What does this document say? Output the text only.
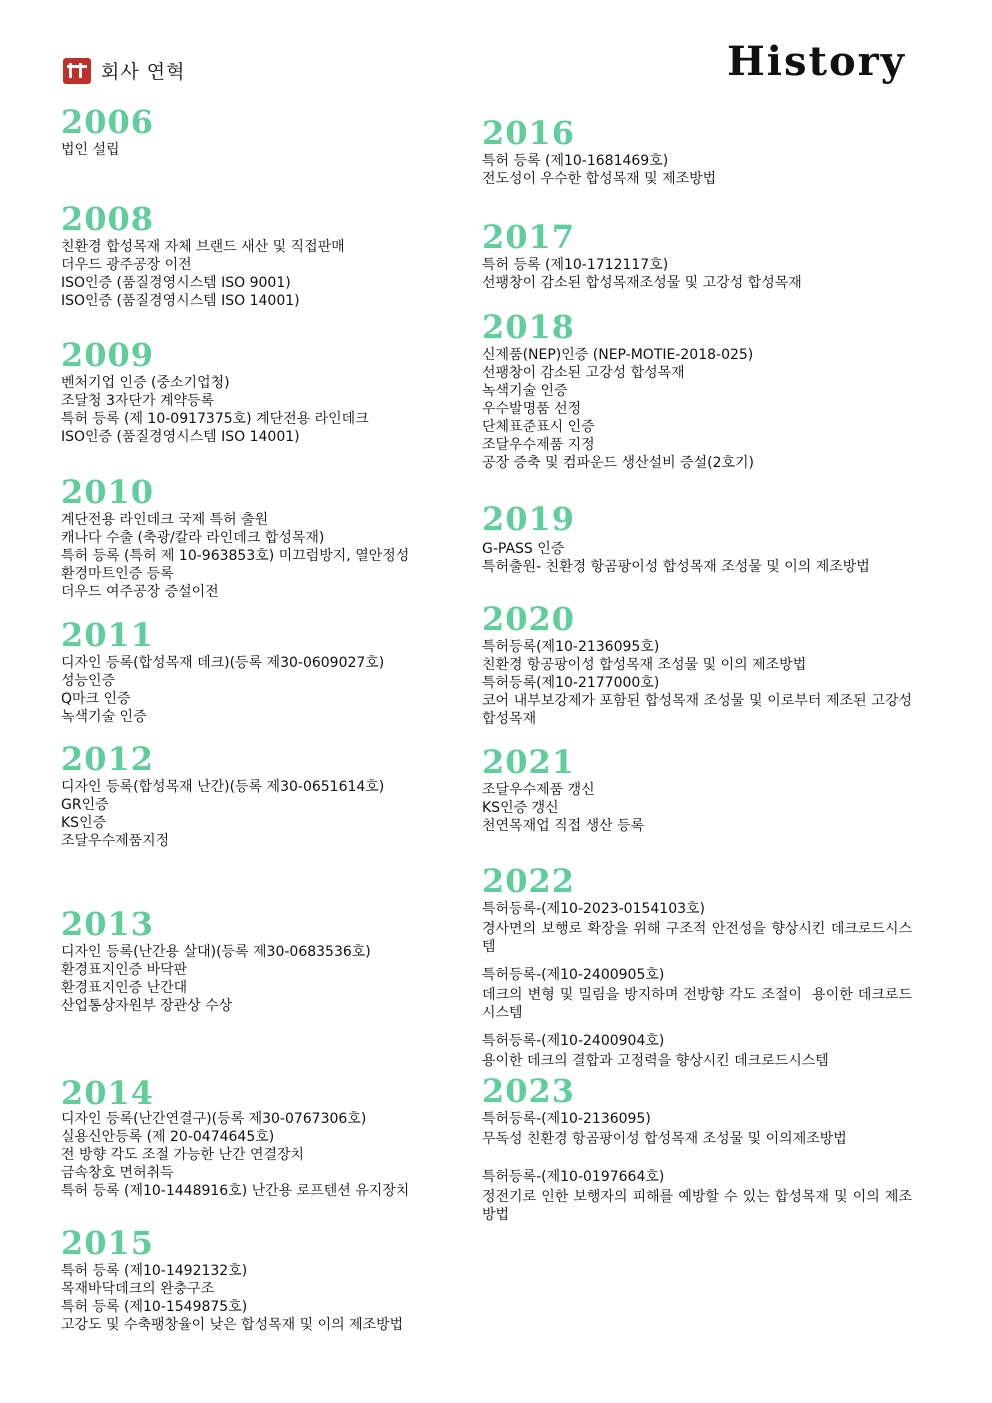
회사 연혁	History
2006
법인 설립
2008
친환경 합성목재 자체 브랜드 새산 및 직접판매
더우드 광주공장 이전
ISO인증 (품질경영시스템 ISO 9001)
ISO인증 (품질경영시스템 ISO 14001)
2009
벤처기업 인증 (중소기업청)
조달청 3자단가 계약등록
특허 등록 (제 10-0917375호) 계단전용 라인데크
ISO인증 (품질경영시스템 ISO 14001)
2010
계단전용 라인데크 국제 특허 출원
캐나다 수출 (축광/칼라 라인데크 합성목재)
특허 등록 (특허 제 10-963853호) 미끄럼방지, 열안정성
환경마트인증 등록
더우드 여주공장 증설이전
2011
디자인 등록(합성목재 데크)(등록 제30-0609027호)
성능인증
Q마크 인증
녹색기술 인증
2012
디자인 등록(합성목재 난간)(등록 제30-0651614호)
GR인증
KS인증
조달우수제품지정
2013
디자인 등록(난간용 살대)(등록 제30-0683536호)
환경표지인증 바닥판
환경표지인증 난간대
산업통상자원부 장관상 수상
2014
디자인 등록(난간연결구)(등록 제30-0767306호)
실용신안등록 (제 20-0474645호)
전 방향 각도 조절 가능한 난간 연결장치
금속창호 면허취득
특허 등록 (제10-1448916호) 난간용 로프텐션 유지장치
2015
특허 등록 (제10-1492132호)
목재바닥데크의 완충구조
특허 등록 (제10-1549875호)
고강도 및 수축팽창율이 낮은 합성목재 및 이의 제조방법
2016
특허 등록 (제10-1681469호)
전도성이 우수한 합성목재 및 제조방법
2017
특허 등록 (제10-1712117호)
선팽창이 감소된 합성목재조성물 및 고강성 합성목재
2018
신제품(NEP)인증 (NEP-MOTIE-2018-025)
선팽창이 감소된 고강성 합성목재
녹색기술 인증
우수발명품 선정
단체표준표시 인증
조달우수제품 지정
공장 증축 및 컴파운드 생산설비 증설(2호기)
2019
G-PASS 인증
특허출원- 친환경 항곰팡이성 합성목재 조성물 및 이의 제조방법
2020
특허등록(제10-2136095호)
친환경 항공팡이성 합성목재 조성물 및 이의 제조방법
특허등록(제10-2177000호)
코어 내부보강제가 포함된 합성목재 조성물 및 이로부터 제조된 고강성 합성목재
2021
조달우수제품 갱신
KS인증 갱신
천연목재업 직접 생산 등록
2022
특허등록-(제10-2023-0154103호)
경사면의 보행로 확장을 위해 구조적 안전성을 향상시킨 데크로드시스템
특허등록-(제10-2400905호)
데크의 변형 및 밀림을 방지하며 전방향 각도 조절이  용이한 데크로드시스템
특허등록-(제10-2400904호)
용이한 데크의 결합과 고정력을 향상시킨 데크로드시스템
2023
특허등록-(제10-2136095)
무독성 친환경 항곰팡이성 합성목재 조성물 및 이의제조방법
특허등록-(제10-0197664호)
정전기로 인한 보행자의 피해를 예방할 수 있는 합성목재 및 이의 제조방법
